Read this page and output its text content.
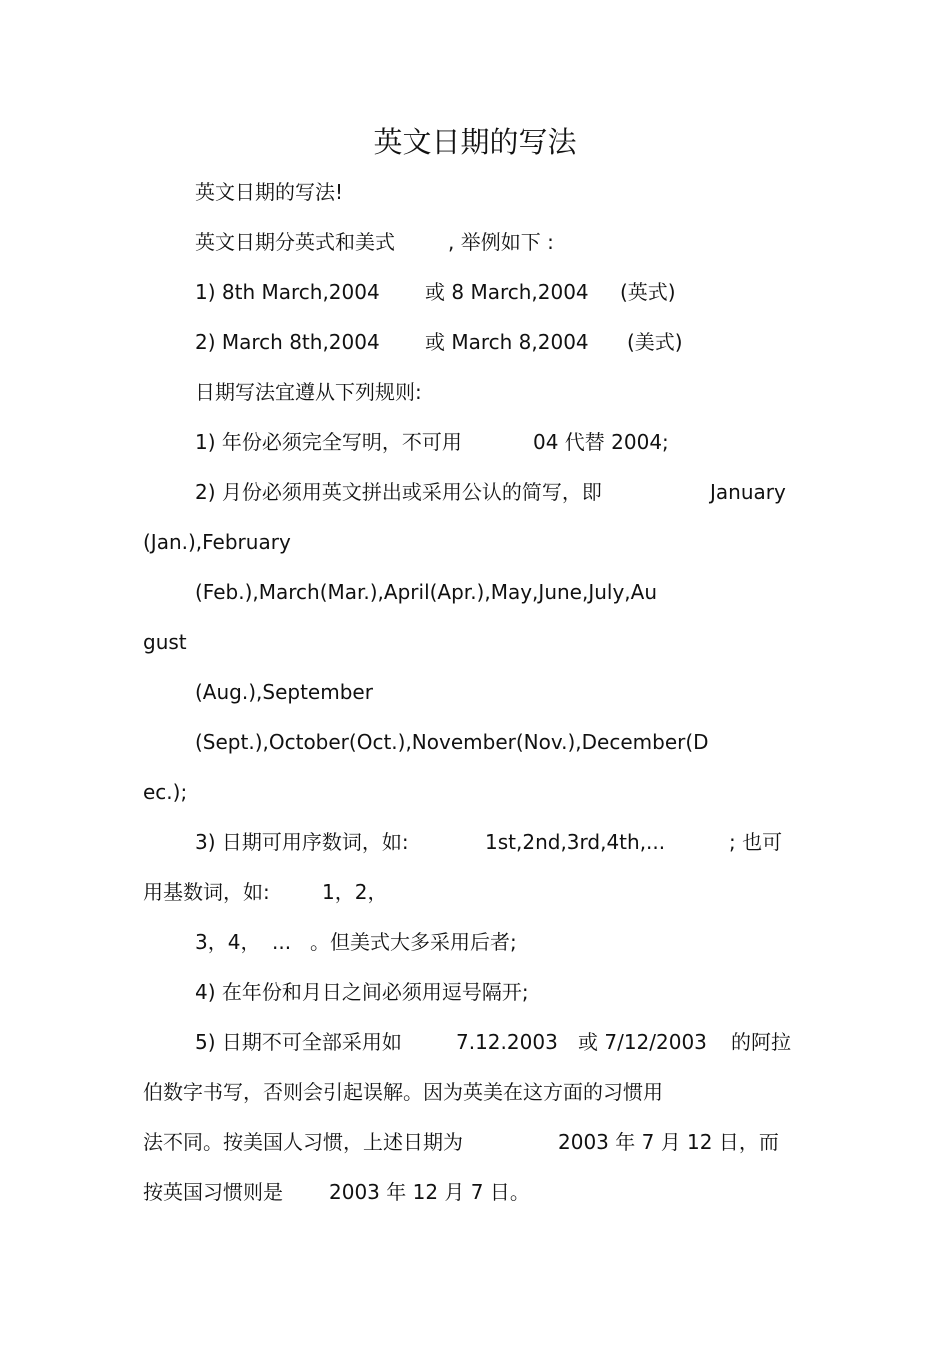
英文日期的写法
英文日期的写法!
英文日期分英式和美式	, 举例如下 :
1) 8th March,2004 或 8 March,2004 (英式)
2) March 8th,2004 或 March 8,2004 (美式)
日期写法宜遵从下列规则:
1) 年份必须完全写明，不可用	04 代替 2004;
2) 月份必须用英文拼出或采用公认的简写，即	January
(Jan.),February
(Feb.),March(Mar.),April(Apr.),May,June,July,Au
gust
(Aug.),September
(Sept.),October(Oct.),November(Nov.),December(D
ec.);
3) 日期可用序数词，如:	1st,2nd,3rd,4th,...	; 也可
用基数词，如:	1，2，
3，4， ... 。但美式大多采用后者;
4) 在年份和月日之间必须用逗号隔开;
5) 日期不可全部采用如	7.12.2003 或 7/12/2003 的阿拉
伯数字书写，否则会引起误解。因为英美在这方面的习惯用
法不同。按美国人习惯，上述日期为	2003 年 7 月 12 日，而
按英国习惯则是 2003 年 12 月 7 日。
